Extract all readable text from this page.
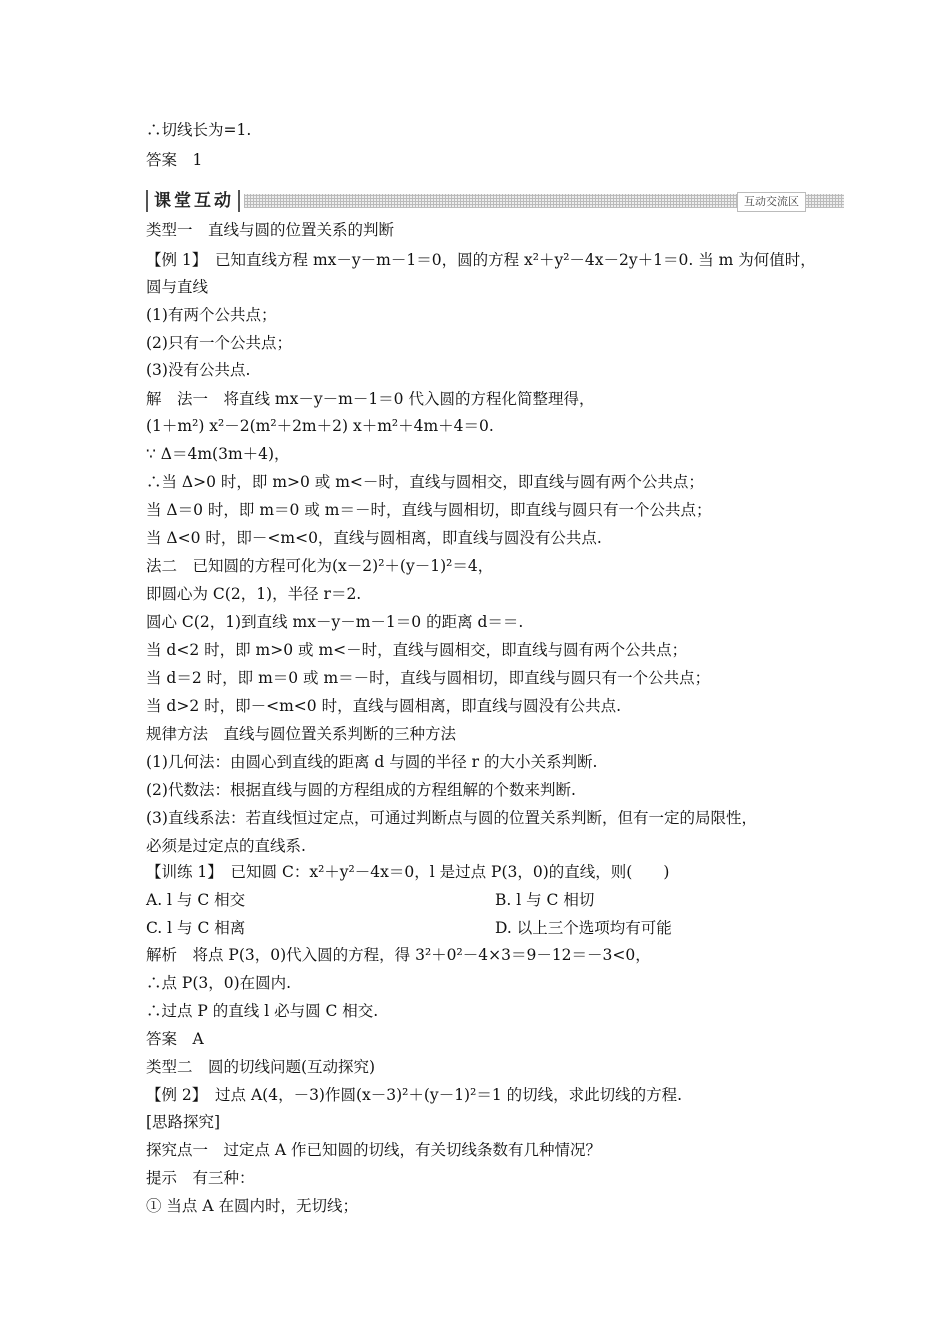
∴切线长为=1.
答案　1
课堂互动	互动交流区
类型一　直线与圆的位置关系的判断
【例 1】　已知直线方程 mx－y－m－1＝0，圆的方程 x²＋y²－4x－2y＋1＝0. 当 m 为何值时，
圆与直线
(1)有两个公共点；
(2)只有一个公共点；
(3)没有公共点.
解　法一　将直线 mx－y－m－1＝0 代入圆的方程化简整理得，
(1＋m²) x²－2(m²＋2m＋2) x＋m²＋4m＋4＝0.
∵ Δ＝4m(3m＋4)，
∴当 Δ>0 时，即 m>0 或 m<－时，直线与圆相交，即直线与圆有两个公共点；
当 Δ＝0 时，即 m＝0 或 m＝－时，直线与圆相切，即直线与圆只有一个公共点；
当 Δ<0 时，即－<m<0，直线与圆相离，即直线与圆没有公共点.
法二　已知圆的方程可化为(x－2)²＋(y－1)²＝4，
即圆心为 C(2，1)，半径 r＝2.
圆心 C(2，1)到直线 mx－y－m－1＝0 的距离 d＝＝.
当 d<2 时，即 m>0 或 m<－时，直线与圆相交，即直线与圆有两个公共点；
当 d＝2 时，即 m＝0 或 m＝－时，直线与圆相切，即直线与圆只有一个公共点；
当 d>2 时，即－<m<0 时，直线与圆相离，即直线与圆没有公共点.
规律方法　直线与圆位置关系判断的三种方法
(1)几何法：由圆心到直线的距离 d 与圆的半径 r 的大小关系判断.
(2)代数法：根据直线与圆的方程组成的方程组解的个数来判断.
(3)直线系法：若直线恒过定点，可通过判断点与圆的位置关系判断，但有一定的局限性，
必须是过定点的直线系.
【训练 1】　已知圆 C：x²＋y²－4x＝0，l 是过点 P(3，0)的直线，则(　　)
A. l 与 C 相交	B. l 与 C 相切
C. l 与 C 相离	D. 以上三个选项均有可能
解析　将点 P(3，0)代入圆的方程，得 3²＋0²－4×3＝9－12＝－3<0，
∴点 P(3，0)在圆内.
∴过点 P 的直线 l 必与圆 C 相交.
答案　A
类型二　圆的切线问题(互动探究)
【例 2】　过点 A(4，－3)作圆(x－3)²＋(y－1)²＝1 的切线，求此切线的方程.
[思路探究]
探究点一　过定点 A 作已知圆的切线，有关切线条数有几种情况？
提示　有三种：
① 当点 A 在圆内时，无切线；
